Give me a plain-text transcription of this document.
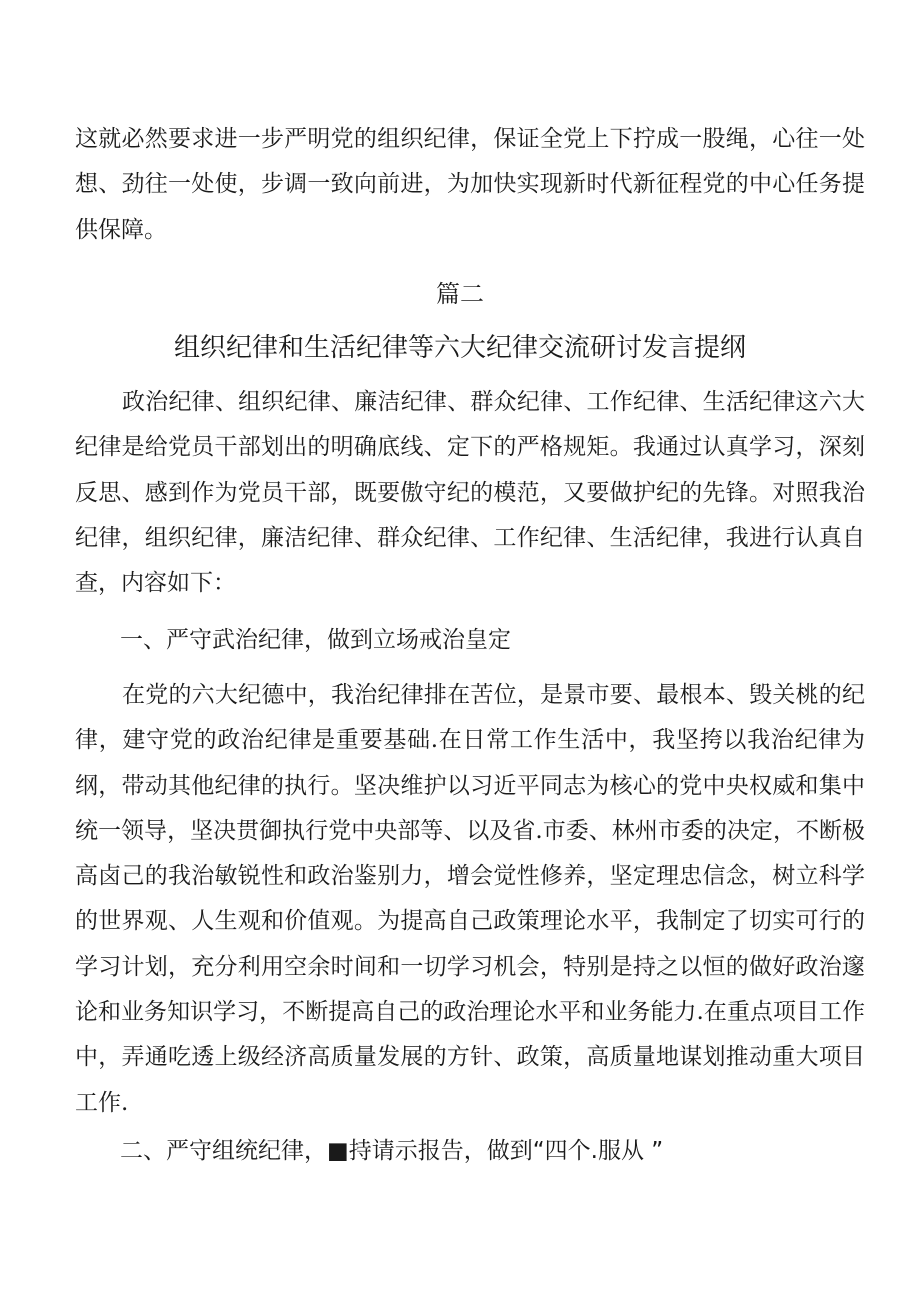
这就必然要求进一步严明党的组织纪律，保证全党上下拧成一股绳，心往一处想、劲往一处使，步调一致向前进，为加快实现新时代新征程党的中心任务提供保障。

篇二
组织纪律和生活纪律等六大纪律交流研讨发言提纲

政治纪律、组织纪律、廉洁纪律、群众纪律、工作纪律、生活纪律这六大纪律是给党员干部划出的明确底线、定下的严格规矩。我通过认真学习，深刻反思、感到作为党员干部，既要傲守纪的模范，又要做护纪的先锋。对照我治纪律，组织纪律，廉洁纪律、群众纪律、工作纪律、生活纪律，我进行认真自查，内容如下：

一、严守武治纪律，做到立场戒治皇定

在党的六大纪德中，我治纪律排在苦位，是景市要、最根本、毁关桃的纪律，建守党的政治纪律是重要基础.在日常工作生活中，我坚挎以我治纪律为纲，带动其他纪律的执行。坚决维护以习近平同志为核心的党中央权威和集中统一领导，坚决贯御执行党中央部等、以及省.市委、林州市委的决定，不断极高卤己的我治敏锐性和政治鉴别力，增会觉性修养，坚定理忠信念，树立科学的世界观、人生观和价值观。为提高自己政策理论水平，我制定了切实可行的学习计划，充分利用空余时间和一切学习机会，特别是持之以恒的做好政治邃论和业务知识学习，不断提高自己的政治理论水平和业务能力.在重点项目工作中，弄通吃透上级经济高质量发展的方针、政策，高质量地谋划推动重大项目工作.

二、严守组统纪律，■持请示报告，做到“四个.服从 ”
